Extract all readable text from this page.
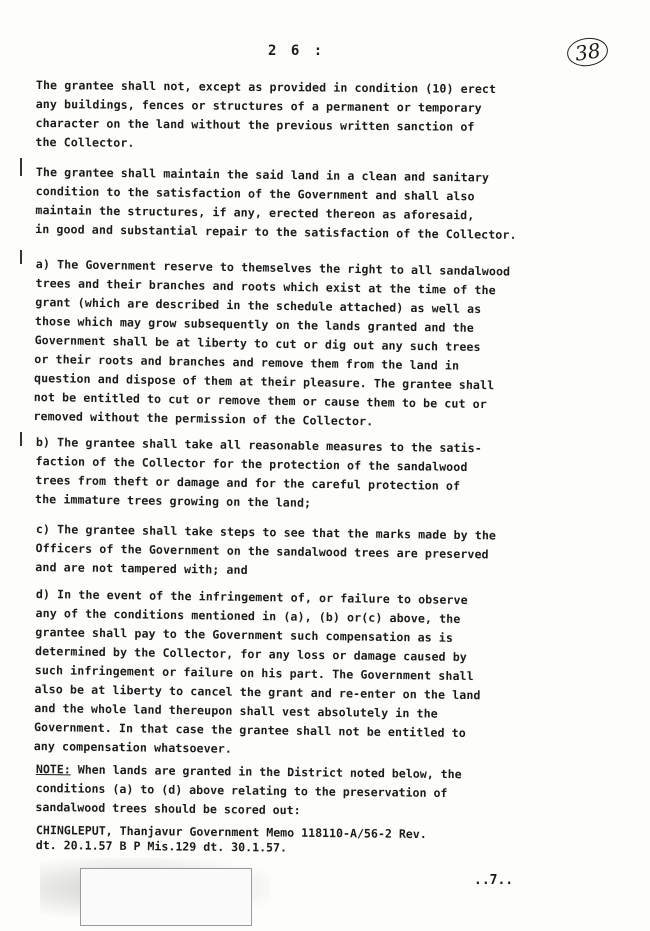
2 6 :	38

The grantee shall not, except as provided in condition (10) erect
any buildings, fences or structures of a permanent or temporary
character on the land without the previous written sanction of
the Collector.

The grantee shall maintain the said land in a clean and sanitary
condition to the satisfaction of the Government and shall also
maintain the structures, if any, erected thereon as aforesaid,
in good and substantial repair to the satisfaction of the Collector.

a) The Government reserve to themselves the right to all sandalwood
trees and their branches and roots which exist at the time of the
grant (which are described in the schedule attached) as well as
those which may grow subsequently on the lands granted and the
Government shall be at liberty to cut or dig out any such trees
or their roots and branches and remove them from the land in
question and dispose of them at their pleasure. The grantee shall
not be entitled to cut or remove them or cause them to be cut or
removed without the permission of the Collector.

b) The grantee shall take all reasonable measures to the satis-
faction of the Collector for the protection of the sandalwood
trees from theft or damage and for the careful protection of
the immature trees growing on the land;

c) The grantee shall take steps to see that the marks made by the
Officers of the Government on the sandalwood trees are preserved
and are not tampered with; and

d) In the event of the infringement of, or failure to observe
any of the conditions mentioned in (a), (b) or(c) above, the
grantee shall pay to the Government such compensation as is
determined by the Collector, for any loss or damage caused by
such infringement or failure on his part. The Government shall
also be at liberty to cancel the grant and re-enter on the land
and the whole land thereupon shall vest absolutely in the
Government. In that case the grantee shall not be entitled to
any compensation whatsoever.

NOTE: When lands are granted in the District noted below, the
conditions (a) to (d) above relating to the preservation of
sandalwood trees should be scored out:

CHINGLEPUT, Thanjavur Government Memo 118110-A/56-2 Rev.
dt. 20.1.57 B P Mis.129 dt. 30.1.57.

..7..
